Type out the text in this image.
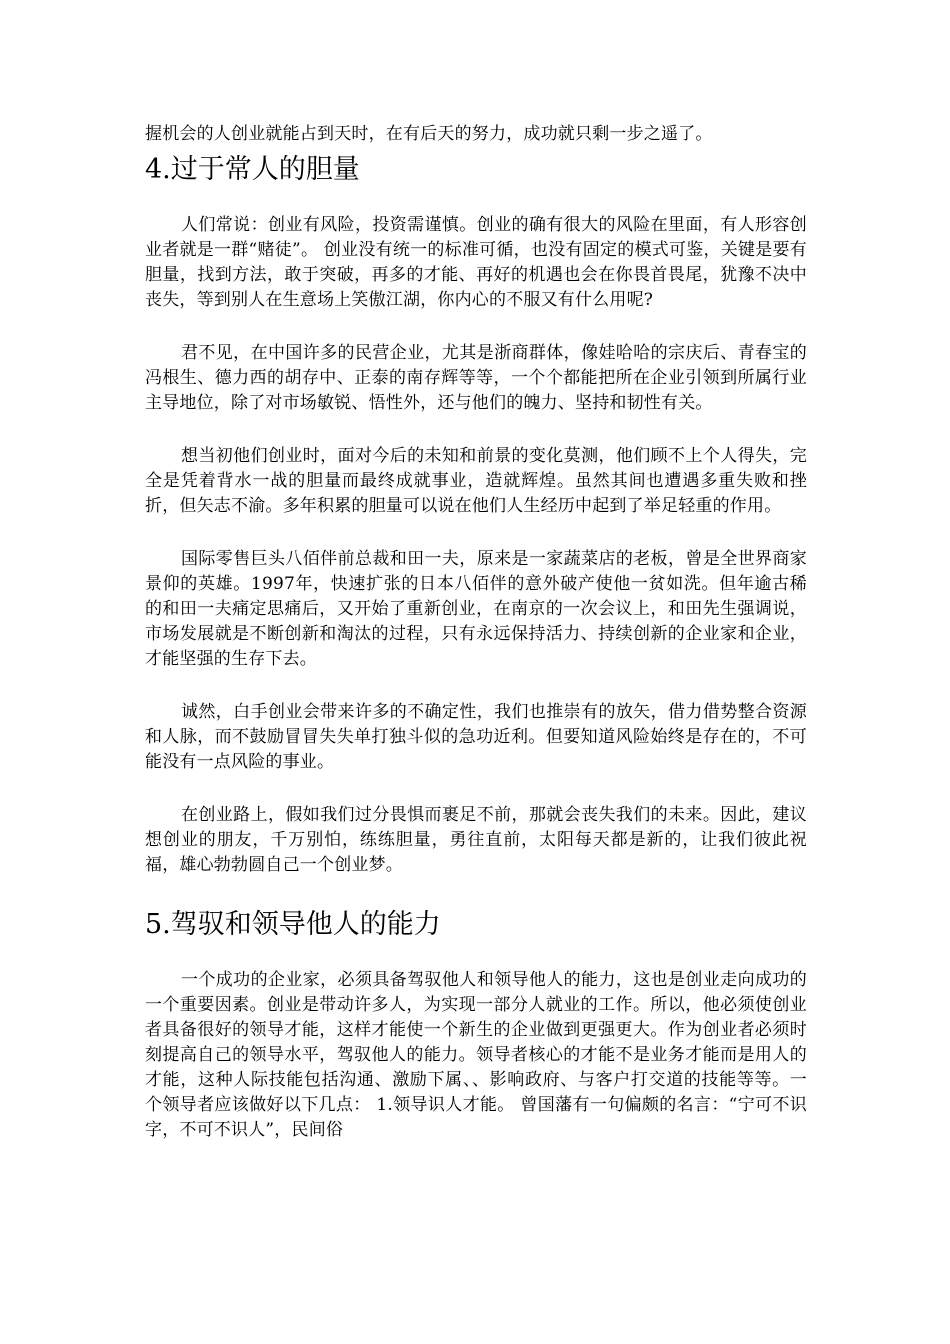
握机会的人创业就能占到天时，在有后天的努力，成功就只剩一步之遥了。

4.过于常人的胆量

人们常说：创业有风险，投资需谨慎。创业的确有很大的风险在里面，有人形容创业者就是一群“赌徒”。 创业没有统一的标准可循，也没有固定的模式可鉴，关键是要有胆量，找到方法，敢于突破，再多的才能、再好的机遇也会在你畏首畏尾，犹豫不决中丧失，等到别人在生意场上笑傲江湖，你内心的不服又有什么用呢?

君不见，在中国许多的民营企业，尤其是浙商群体，像娃哈哈的宗庆后、青春宝的冯根生、德力西的胡存中、正泰的南存辉等等，一个个都能把所在企业引领到所属行业主导地位，除了对市场敏锐、悟性外，还与他们的魄力、坚持和韧性有关。

想当初他们创业时，面对今后的未知和前景的变化莫测，他们顾不上个人得失，完全是凭着背水一战的胆量而最终成就事业，造就辉煌。虽然其间也遭遇多重失败和挫折，但矢志不渝。多年积累的胆量可以说在他们人生经历中起到了举足轻重的作用。

国际零售巨头八佰伴前总裁和田一夫，原来是一家蔬菜店的老板，曾是全世界商家景仰的英雄。1997年，快速扩张的日本八佰伴的意外破产使他一贫如洗。但年逾古稀的和田一夫痛定思痛后，又开始了重新创业，在南京的一次会议上，和田先生强调说，市场发展就是不断创新和淘汰的过程，只有永远保持活力、持续创新的企业家和企业，才能坚强的生存下去。

诚然，白手创业会带来许多的不确定性，我们也推崇有的放矢，借力借势整合资源和人脉，而不鼓励冒冒失失单打独斗似的急功近利。但要知道风险始终是存在的，不可能没有一点风险的事业。

在创业路上，假如我们过分畏惧而裹足不前，那就会丧失我们的未来。因此，建议想创业的朋友，千万别怕，练练胆量，勇往直前，太阳每天都是新的，让我们彼此祝福，雄心勃勃圆自己一个创业梦。

5.驾驭和领导他人的能力

一个成功的企业家，必须具备驾驭他人和领导他人的能力，这也是创业走向成功的一个重要因素。创业是带动许多人，为实现一部分人就业的工作。所以，他必须使创业者具备很好的领导才能，这样才能使一个新生的企业做到更强更大。作为创业者必须时刻提高自己的领导水平，驾驭他人的能力。领导者核心的才能不是业务才能而是用人的才能，这种人际技能包括沟通、激励下属、、影响政府、与客户打交道的技能等等。一个领导者应该做好以下几点： 1.领导识人才能。 曾国藩有一句偏颇的名言：“宁可不识字，不可不识人”，民间俗
